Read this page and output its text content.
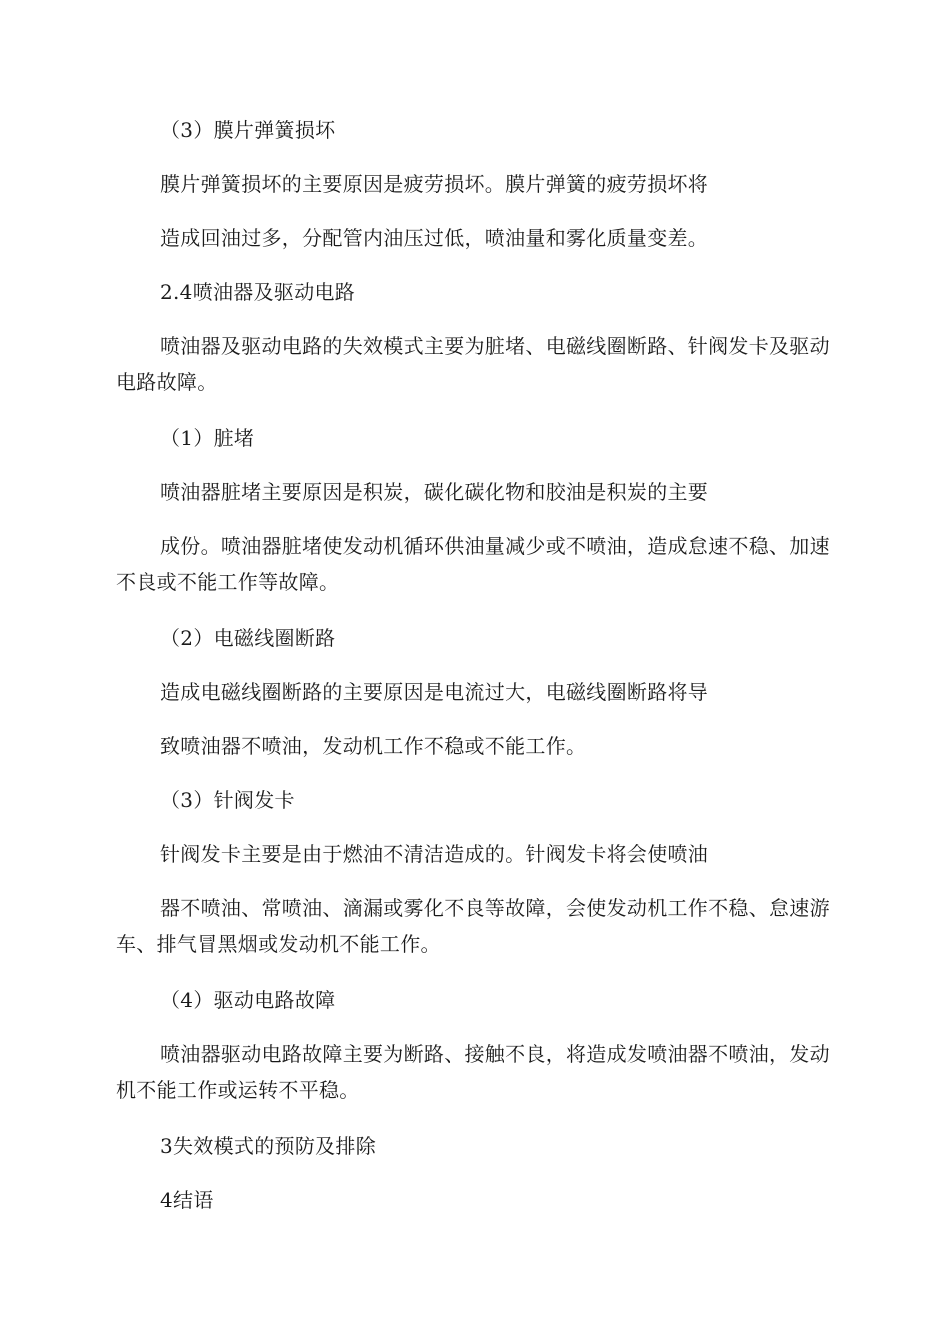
（3）膜片弹簧损坏
膜片弹簧损坏的主要原因是疲劳损坏。膜片弹簧的疲劳损坏将
造成回油过多，分配管内油压过低，喷油量和雾化质量变差。
2.4喷油器及驱动电路
喷油器及驱动电路的失效模式主要为脏堵、电磁线圈断路、针阀发卡及驱动电路故障。
（1）脏堵
喷油器脏堵主要原因是积炭，碳化碳化物和胶油是积炭的主要
成份。喷油器脏堵使发动机循环供油量减少或不喷油，造成怠速不稳、加速不良或不能工作等故障。
（2）电磁线圈断路
造成电磁线圈断路的主要原因是电流过大，电磁线圈断路将导
致喷油器不喷油，发动机工作不稳或不能工作。
（3）针阀发卡
针阀发卡主要是由于燃油不清洁造成的。针阀发卡将会使喷油
器不喷油、常喷油、滴漏或雾化不良等故障，会使发动机工作不稳、怠速游车、排气冒黑烟或发动机不能工作。
（4）驱动电路故障
喷油器驱动电路故障主要为断路、接触不良，将造成发喷油器不喷油，发动机不能工作或运转不平稳。
3失效模式的预防及排除
4结语
